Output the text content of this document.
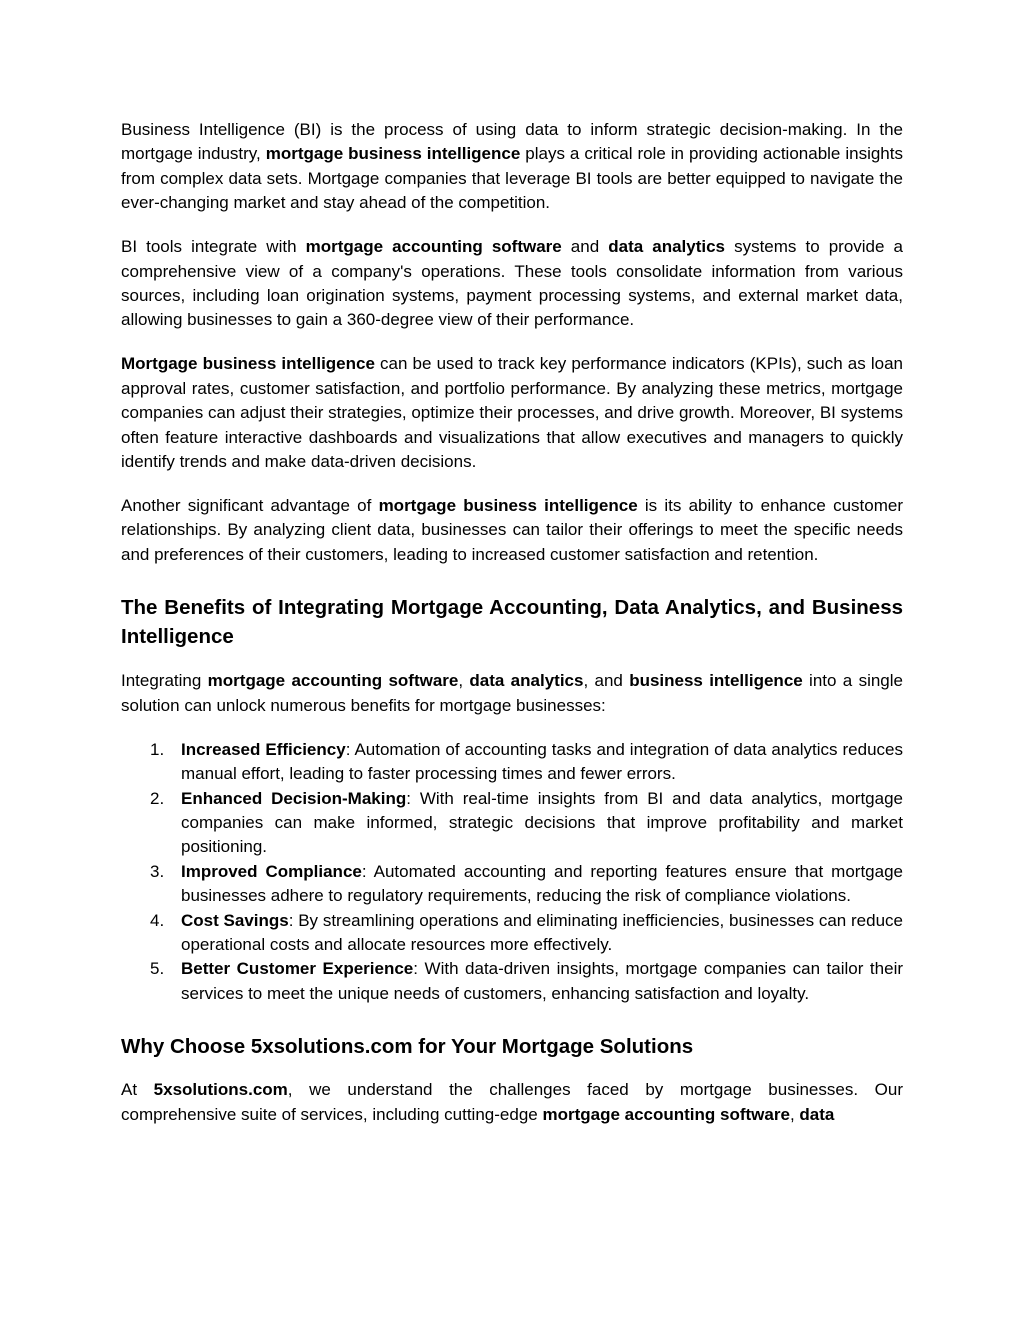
Business Intelligence (BI) is the process of using data to inform strategic decision-making. In the mortgage industry, mortgage business intelligence plays a critical role in providing actionable insights from complex data sets. Mortgage companies that leverage BI tools are better equipped to navigate the ever-changing market and stay ahead of the competition.

BI tools integrate with mortgage accounting software and data analytics systems to provide a comprehensive view of a company's operations. These tools consolidate information from various sources, including loan origination systems, payment processing systems, and external market data, allowing businesses to gain a 360-degree view of their performance.

Mortgage business intelligence can be used to track key performance indicators (KPIs), such as loan approval rates, customer satisfaction, and portfolio performance. By analyzing these metrics, mortgage companies can adjust their strategies, optimize their processes, and drive growth. Moreover, BI systems often feature interactive dashboards and visualizations that allow executives and managers to quickly identify trends and make data-driven decisions.

Another significant advantage of mortgage business intelligence is its ability to enhance customer relationships. By analyzing client data, businesses can tailor their offerings to meet the specific needs and preferences of their customers, leading to increased customer satisfaction and retention.

The Benefits of Integrating Mortgage Accounting, Data Analytics, and Business Intelligence

Integrating mortgage accounting software, data analytics, and business intelligence into a single solution can unlock numerous benefits for mortgage businesses:

1. Increased Efficiency: Automation of accounting tasks and integration of data analytics reduces manual effort, leading to faster processing times and fewer errors.
2. Enhanced Decision-Making: With real-time insights from BI and data analytics, mortgage companies can make informed, strategic decisions that improve profitability and market positioning.
3. Improved Compliance: Automated accounting and reporting features ensure that mortgage businesses adhere to regulatory requirements, reducing the risk of compliance violations.
4. Cost Savings: By streamlining operations and eliminating inefficiencies, businesses can reduce operational costs and allocate resources more effectively.
5. Better Customer Experience: With data-driven insights, mortgage companies can tailor their services to meet the unique needs of customers, enhancing satisfaction and loyalty.
Why Choose 5xsolutions.com for Your Mortgage Solutions

At 5xsolutions.com, we understand the challenges faced by mortgage businesses. Our comprehensive suite of services, including cutting-edge mortgage accounting software, data
